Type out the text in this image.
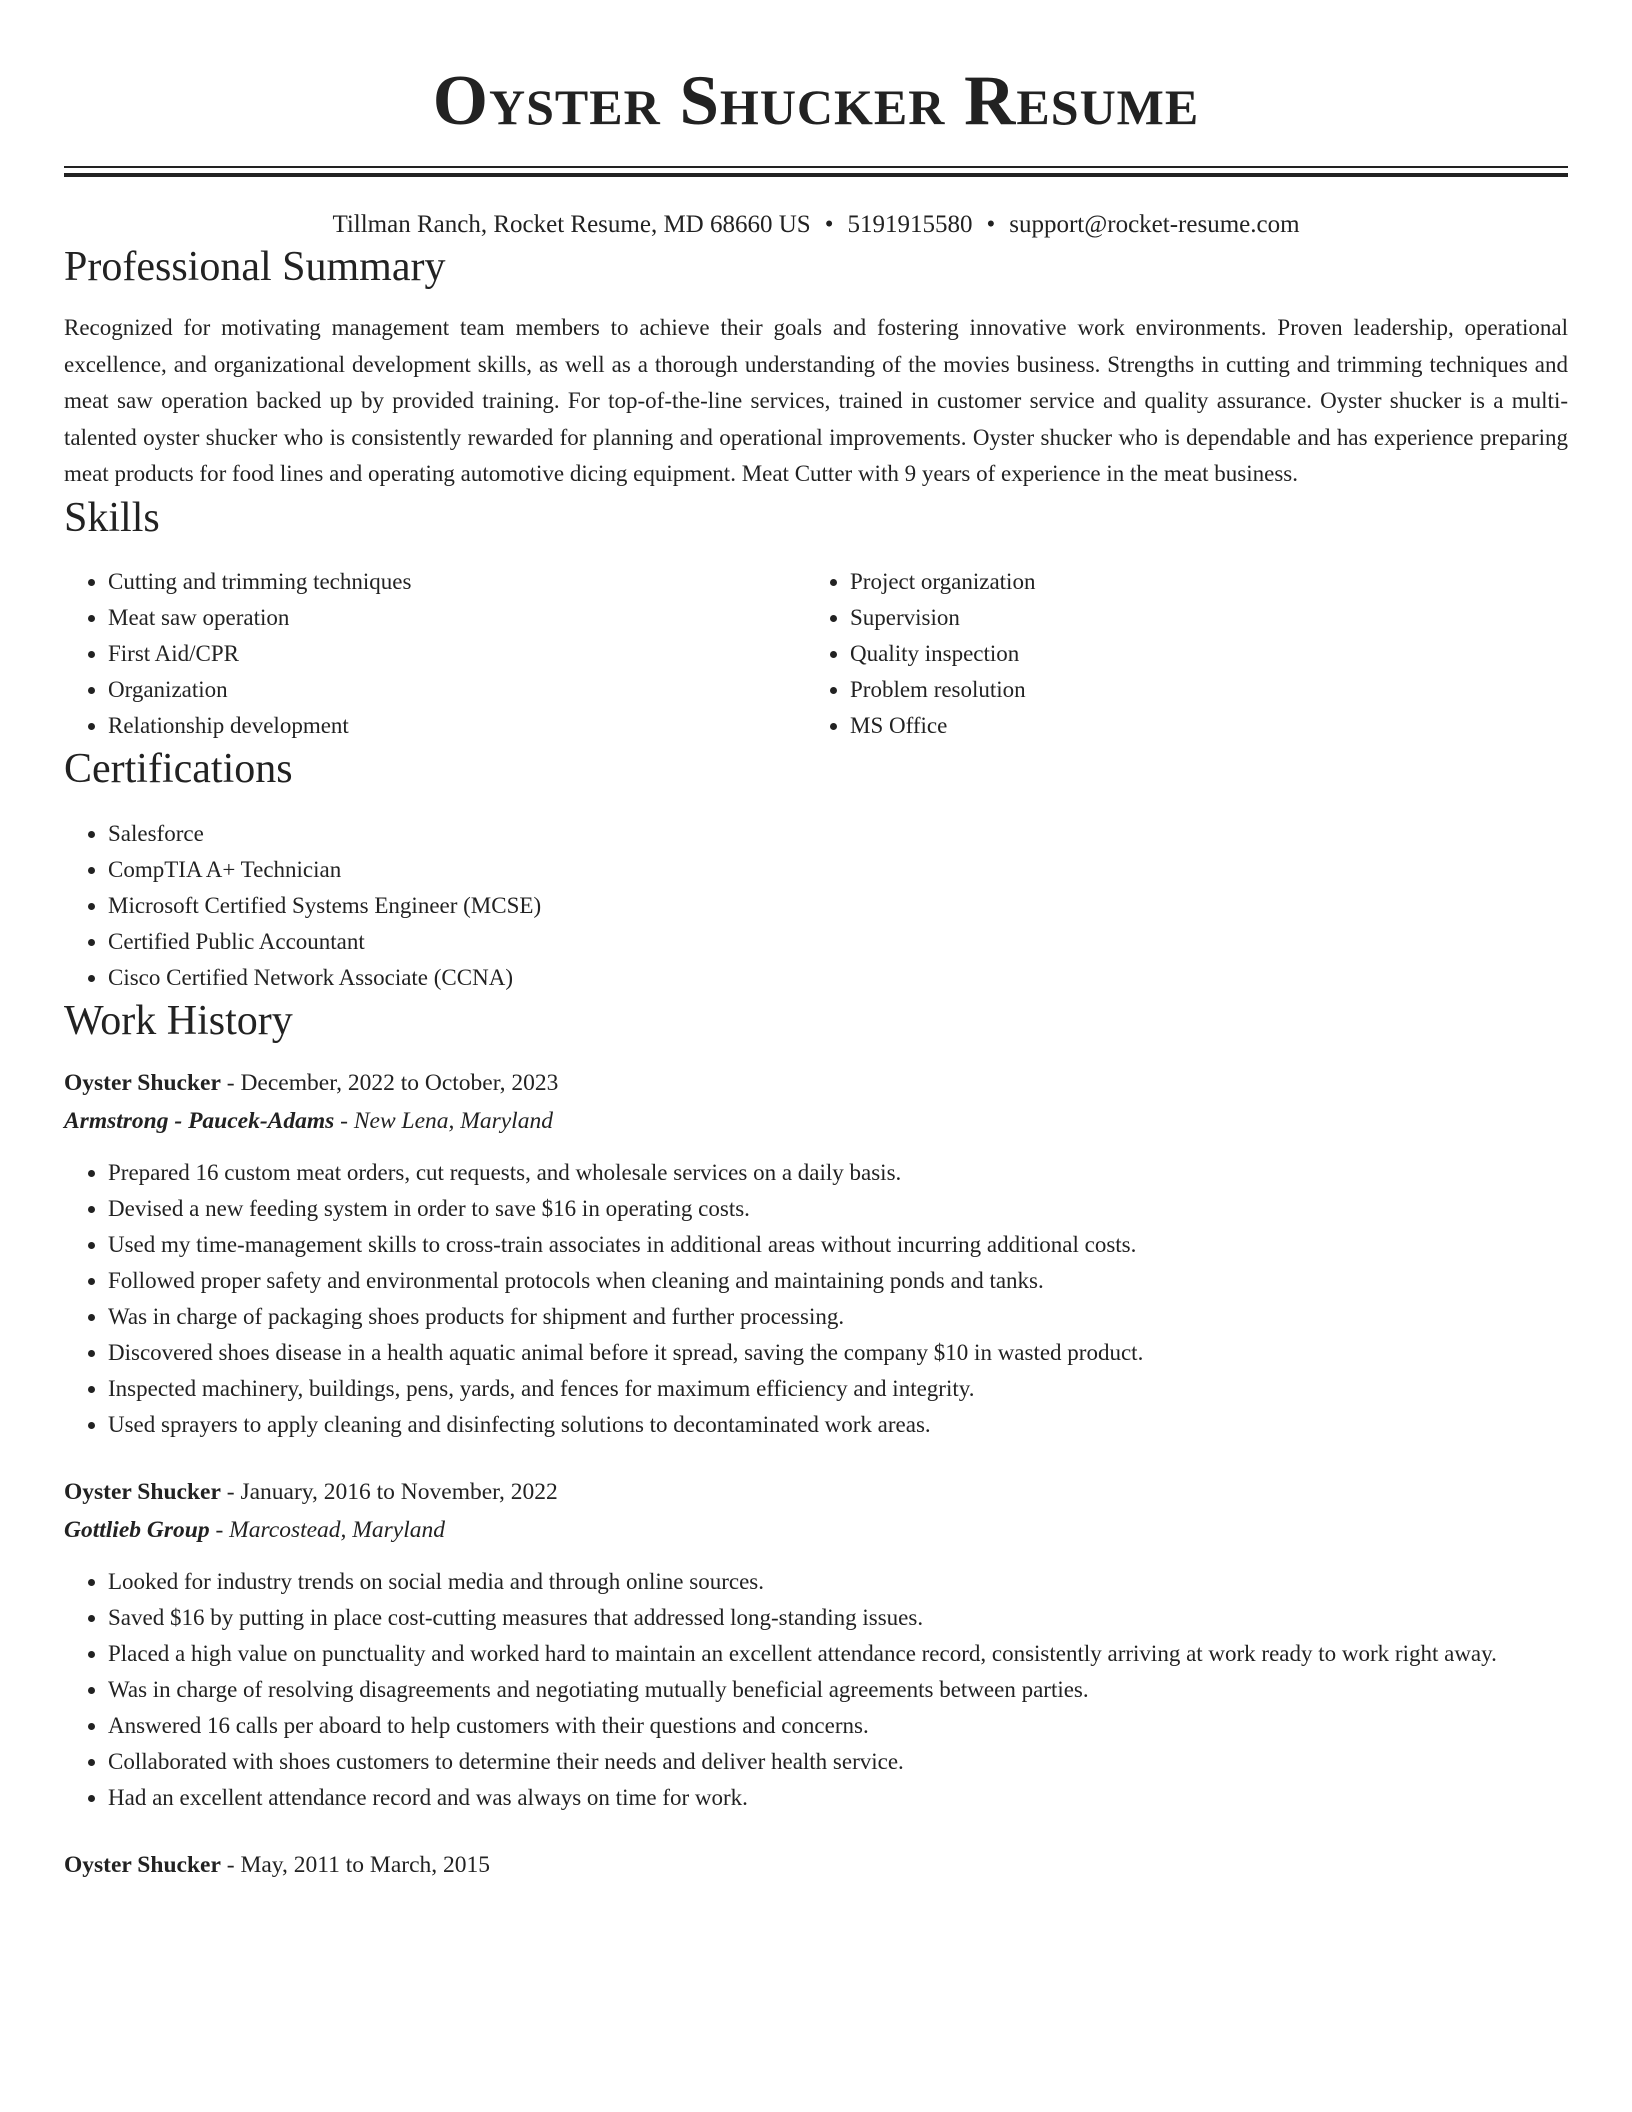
Oyster Shucker Resume
Tillman Ranch, Rocket Resume, MD 68660 US • 5191915580 • support@rocket-resume.com
Professional Summary

Recognized for motivating management team members to achieve their goals and fostering innovative work environments. Proven leadership, operational excellence, and organizational development skills, as well as a thorough understanding of the movies business. Strengths in cutting and trimming techniques and meat saw operation backed up by provided training. For top-of-the-line services, trained in customer service and quality assurance. Oyster shucker is a multi-talented oyster shucker who is consistently rewarded for planning and operational improvements. Oyster shucker who is dependable and has experience preparing meat products for food lines and operating automotive dicing equipment. Meat Cutter with 9 years of experience in the meat business.

Skills
• Cutting and trimming techniques
• Meat saw operation
• First Aid/CPR
• Organization
• Relationship development
• Project organization
• Supervision
• Quality inspection
• Problem resolution
• MS Office
Certifications
• Salesforce
• CompTIA A+ Technician
• Microsoft Certified Systems Engineer (MCSE)
• Certified Public Accountant
• Cisco Certified Network Associate (CCNA)
Work History
Oyster Shucker - December, 2022 to October, 2023
Armstrong - Paucek-Adams - New Lena, Maryland
• Prepared 16 custom meat orders, cut requests, and wholesale services on a daily basis.
• Devised a new feeding system in order to save $16 in operating costs.
• Used my time-management skills to cross-train associates in additional areas without incurring additional costs.
• Followed proper safety and environmental protocols when cleaning and maintaining ponds and tanks.
• Was in charge of packaging shoes products for shipment and further processing.
• Discovered shoes disease in a health aquatic animal before it spread, saving the company $10 in wasted product.
• Inspected machinery, buildings, pens, yards, and fences for maximum efficiency and integrity.
• Used sprayers to apply cleaning and disinfecting solutions to decontaminated work areas.
Oyster Shucker - January, 2016 to November, 2022
Gottlieb Group - Marcostead, Maryland
• Looked for industry trends on social media and through online sources.
• Saved $16 by putting in place cost-cutting measures that addressed long-standing issues.
• Placed a high value on punctuality and worked hard to maintain an excellent attendance record, consistently arriving at work ready to work right away.
• Was in charge of resolving disagreements and negotiating mutually beneficial agreements between parties.
• Answered 16 calls per aboard to help customers with their questions and concerns.
• Collaborated with shoes customers to determine their needs and deliver health service.
• Had an excellent attendance record and was always on time for work.
Oyster Shucker - May, 2011 to March, 2015
